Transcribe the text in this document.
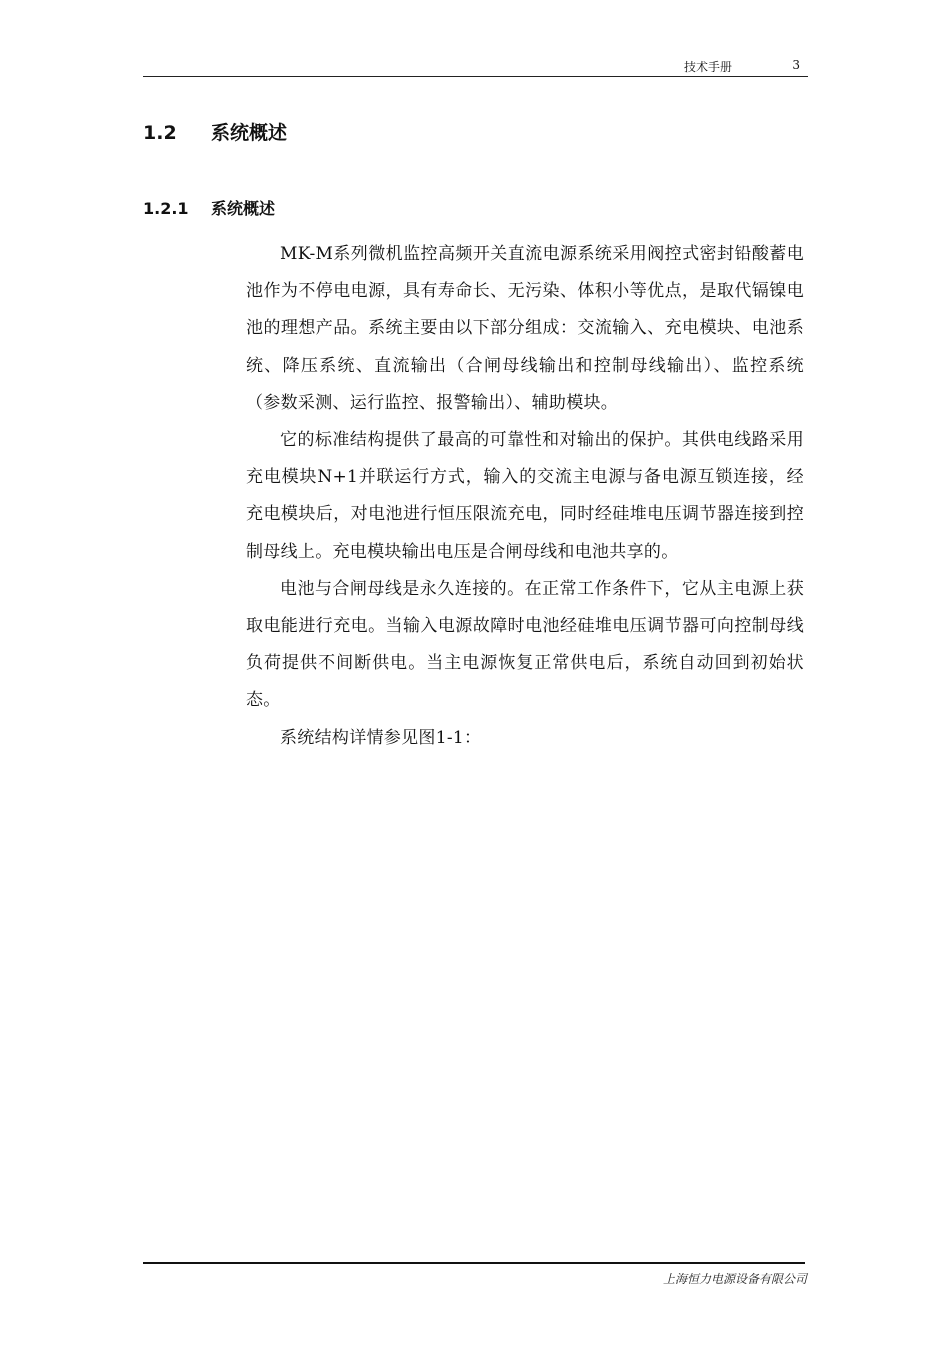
技术手册	3
1.2 系统概述
1.2.1 系统概述

MK-M系列微机监控高频开关直流电源系统采用阀控式密封铅酸蓄电池作为不停电电源，具有寿命长、无污染、体积小等优点，是取代镉镍电池的理想产品。系统主要由以下部分组成：交流输入、充电模块、电池系统、降压系统、直流输出（合闸母线输出和控制母线输出）、监控系统（参数采测、运行监控、报警输出）、辅助模块。

它的标准结构提供了最高的可靠性和对输出的保护。其供电线路采用充电模块N+1并联运行方式，输入的交流主电源与备电源互锁连接，经充电模块后，对电池进行恒压限流充电，同时经硅堆电压调节器连接到控制母线上。充电模块输出电压是合闸母线和电池共享的。

电池与合闸母线是永久连接的。在正常工作条件下，它从主电源上获取电能进行充电。当输入电源故障时电池经硅堆电压调节器可向控制母线负荷提供不间断供电。当主电源恢复正常供电后，系统自动回到初始状态。

系统结构详情参见图1-1：

上海恒力电源设备有限公司
